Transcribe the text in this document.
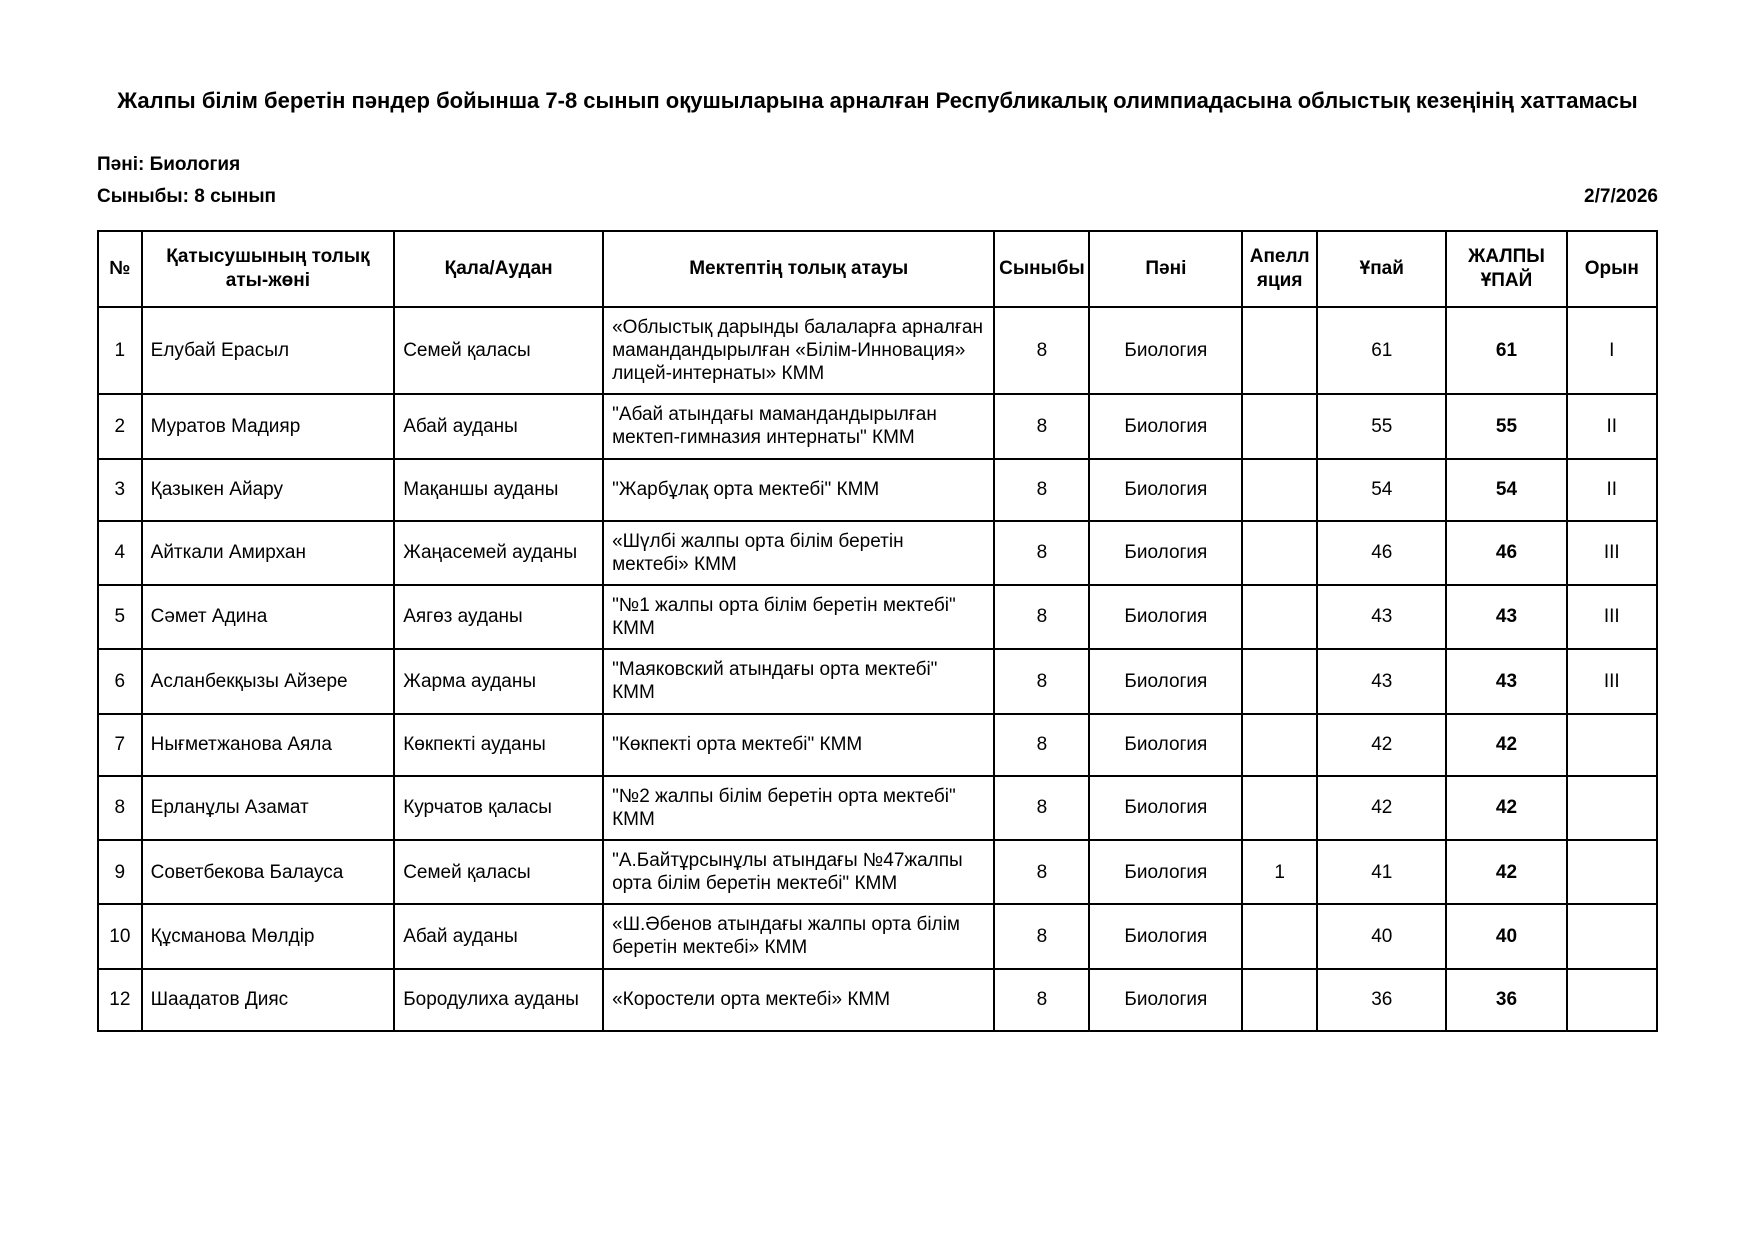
Жалпы білім беретін пәндер бойынша 7-8 сынып оқушыларына арналған Республикалық олимпиадасына облыстық кезеңінің хаттамасы
Пәні: Биология
Сыныбы: 8 сынып	2/7/2026
№	Қатысушының толық аты-жөні	Қала/Аудан	Мектептің толық атауы	Сыныбы	Пәні	Апелляция	Ұпай	ЖАЛПЫ ҰПАЙ	Орын
1	Елубай Ерасыл	Семей қаласы	«Облыстық дарынды балаларға арналған мамандандырылған «Білім-Инновация» лицей-интернаты» КММ	8	Биология		61	61	I
2	Муратов Мадияр	Абай ауданы	"Абай атындағы мамандандырылған мектеп-гимназия интернаты" КММ	8	Биология		55	55	II
3	Қазыкен Айару	Мақаншы ауданы	"Жарбұлақ орта мектебі" КММ	8	Биология		54	54	II
4	Айткали Амирхан	Жаңасемей ауданы	«Шүлбі жалпы орта білім беретін мектебі» КММ	8	Биология		46	46	III
5	Сәмет Адина	Аягөз ауданы	"№1 жалпы орта білім беретін мектебі" КММ	8	Биология		43	43	III
6	Асланбекқызы Айзере	Жарма ауданы	"Маяковский атындағы орта мектебі" КММ	8	Биология		43	43	III
7	Нығметжанова Аяла	Көкпекті ауданы	"Көкпекті орта мектебі" КММ	8	Биология		42	42	
8	Ерланұлы Азамат	Курчатов қаласы	"№2 жалпы білім беретін орта мектебі" КММ	8	Биология		42	42	
9	Советбекова Балауса	Семей қаласы	"А.Байтұрсынұлы атындағы №47жалпы орта білім беретін мектебі" КММ	8	Биология	1	41	42	
10	Құсманова Мөлдір	Абай ауданы	«Ш.Әбенов атындағы жалпы орта білім беретін мектебі» КММ	8	Биология		40	40	
12	Шаадатов Дияс	Бородулиха ауданы	«Коростели орта мектебі» КММ	8	Биология		36	36	
